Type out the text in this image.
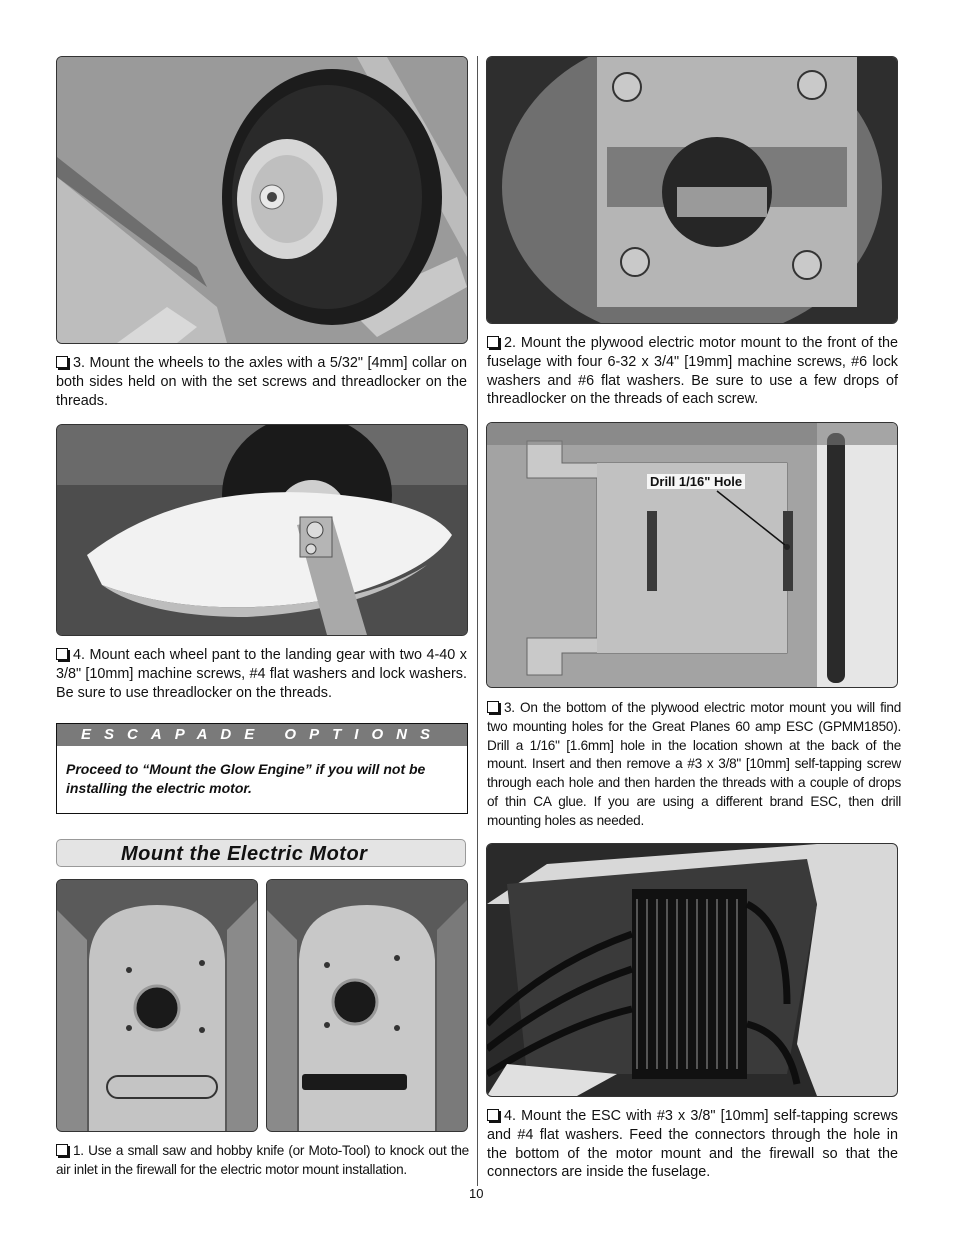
3. Mount the wheels to the axles with a 5/32" [4mm] collar on both sides held on with the set screws and threadlocker on the threads.
4. Mount each wheel pant to the landing gear with two 4-40 x 3/8" [10mm] machine screws, #4 flat washers and lock washers. Be sure to use threadlocker on the threads.
ESCAPADE OPTIONS
Proceed to “Mount the Glow Engine” if you will not be installing the electric motor.
Mount the Electric Motor
1. Use a small saw and hobby knife (or Moto-Tool) to knock out the air inlet in the firewall for the electric motor mount installation.
2. Mount the plywood electric motor mount to the front of the fuselage with four 6-32 x 3/4" [19mm] machine screws, #6 lock washers and #6 flat washers. Be sure to use a few drops of threadlocker on the threads of each screw.
Drill 1/16" Hole
3. On the bottom of the plywood electric motor mount you will find two mounting holes for the Great Planes 60 amp ESC (GPMM1850). Drill a 1/16" [1.6mm] hole in the location shown at the back of the mount. Insert and then remove a #3 x 3/8" [10mm] self-tapping screw through each hole and then harden the threads with a couple of drops of thin CA glue. If you are using a different brand ESC, then drill mounting holes as needed.
4. Mount the ESC with #3 x 3/8" [10mm] self-tapping screws and #4 flat washers. Feed the connectors through the hole in the bottom of the motor mount and the firewall so that the connectors are inside the fuselage.
10
